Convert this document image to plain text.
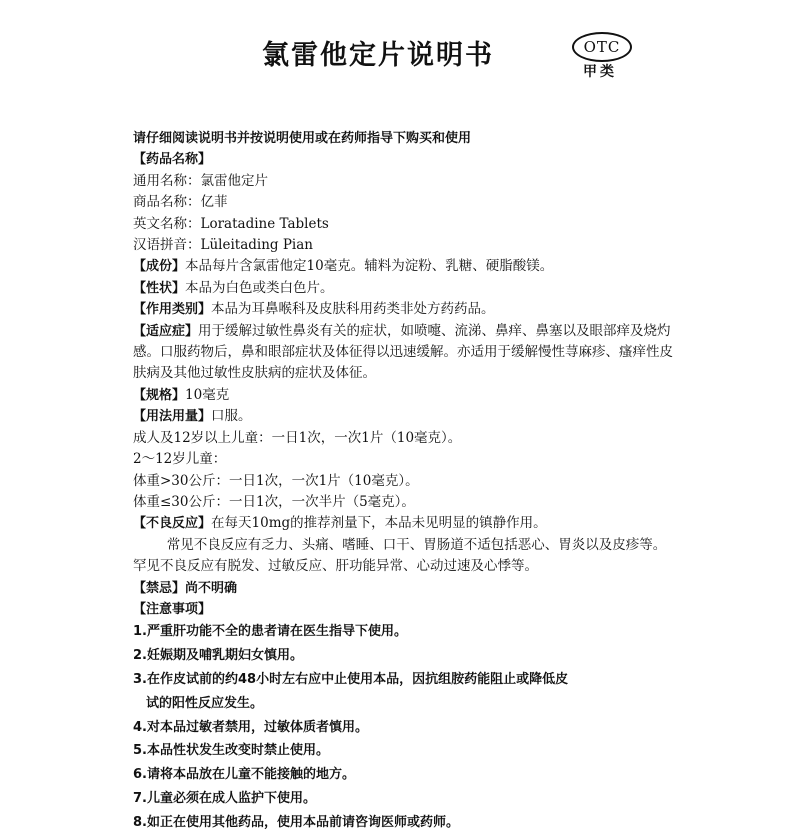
氯雷他定片说明书	OTC
甲类
请仔细阅读说明书并按说明使用或在药师指导下购买和使用
【药品名称】
通用名称：氯雷他定片
商品名称：亿菲
英文名称：Loratadine Tablets
汉语拼音：Lüleitading Pian
【成份】本品每片含氯雷他定10毫克。辅料为淀粉、乳糖、硬脂酸镁。
【性状】本品为白色或类白色片。
【作用类别】本品为耳鼻喉科及皮肤科用药类非处方药药品。
【适应症】用于缓解过敏性鼻炎有关的症状，如喷嚏、流涕、鼻痒、鼻塞以及眼部痒及烧灼感。口服药物后，鼻和眼部症状及体征得以迅速缓解。亦适用于缓解慢性荨麻疹、瘙痒性皮肤病及其他过敏性皮肤病的症状及体征。
【规格】10毫克
【用法用量】口服。
成人及12岁以上儿童：一日1次，一次1片（10毫克）。
2～12岁儿童：
体重>30公斤：一日1次，一次1片（10毫克）。
体重≤30公斤：一日1次，一次半片（5毫克）。
【不良反应】在每天10mg的推荐剂量下，本品未见明显的镇静作用。
常见不良反应有乏力、头痛、嗜睡、口干、胃肠道不适包括恶心、胃炎以及皮疹等。罕见不良反应有脱发、过敏反应、肝功能异常、心动过速及心悸等。
【禁忌】尚不明确
【注意事项】
1.严重肝功能不全的患者请在医生指导下使用。
2.妊娠期及哺乳期妇女慎用。
3.在作皮试前的约48小时左右应中止使用本品，因抗组胺药能阻止或降低皮
试的阳性反应发生。
4.对本品过敏者禁用，过敏体质者慎用。
5.本品性状发生改变时禁止使用。
6.请将本品放在儿童不能接触的地方。
7.儿童必须在成人监护下使用。
8.如正在使用其他药品，使用本品前请咨询医师或药师。
